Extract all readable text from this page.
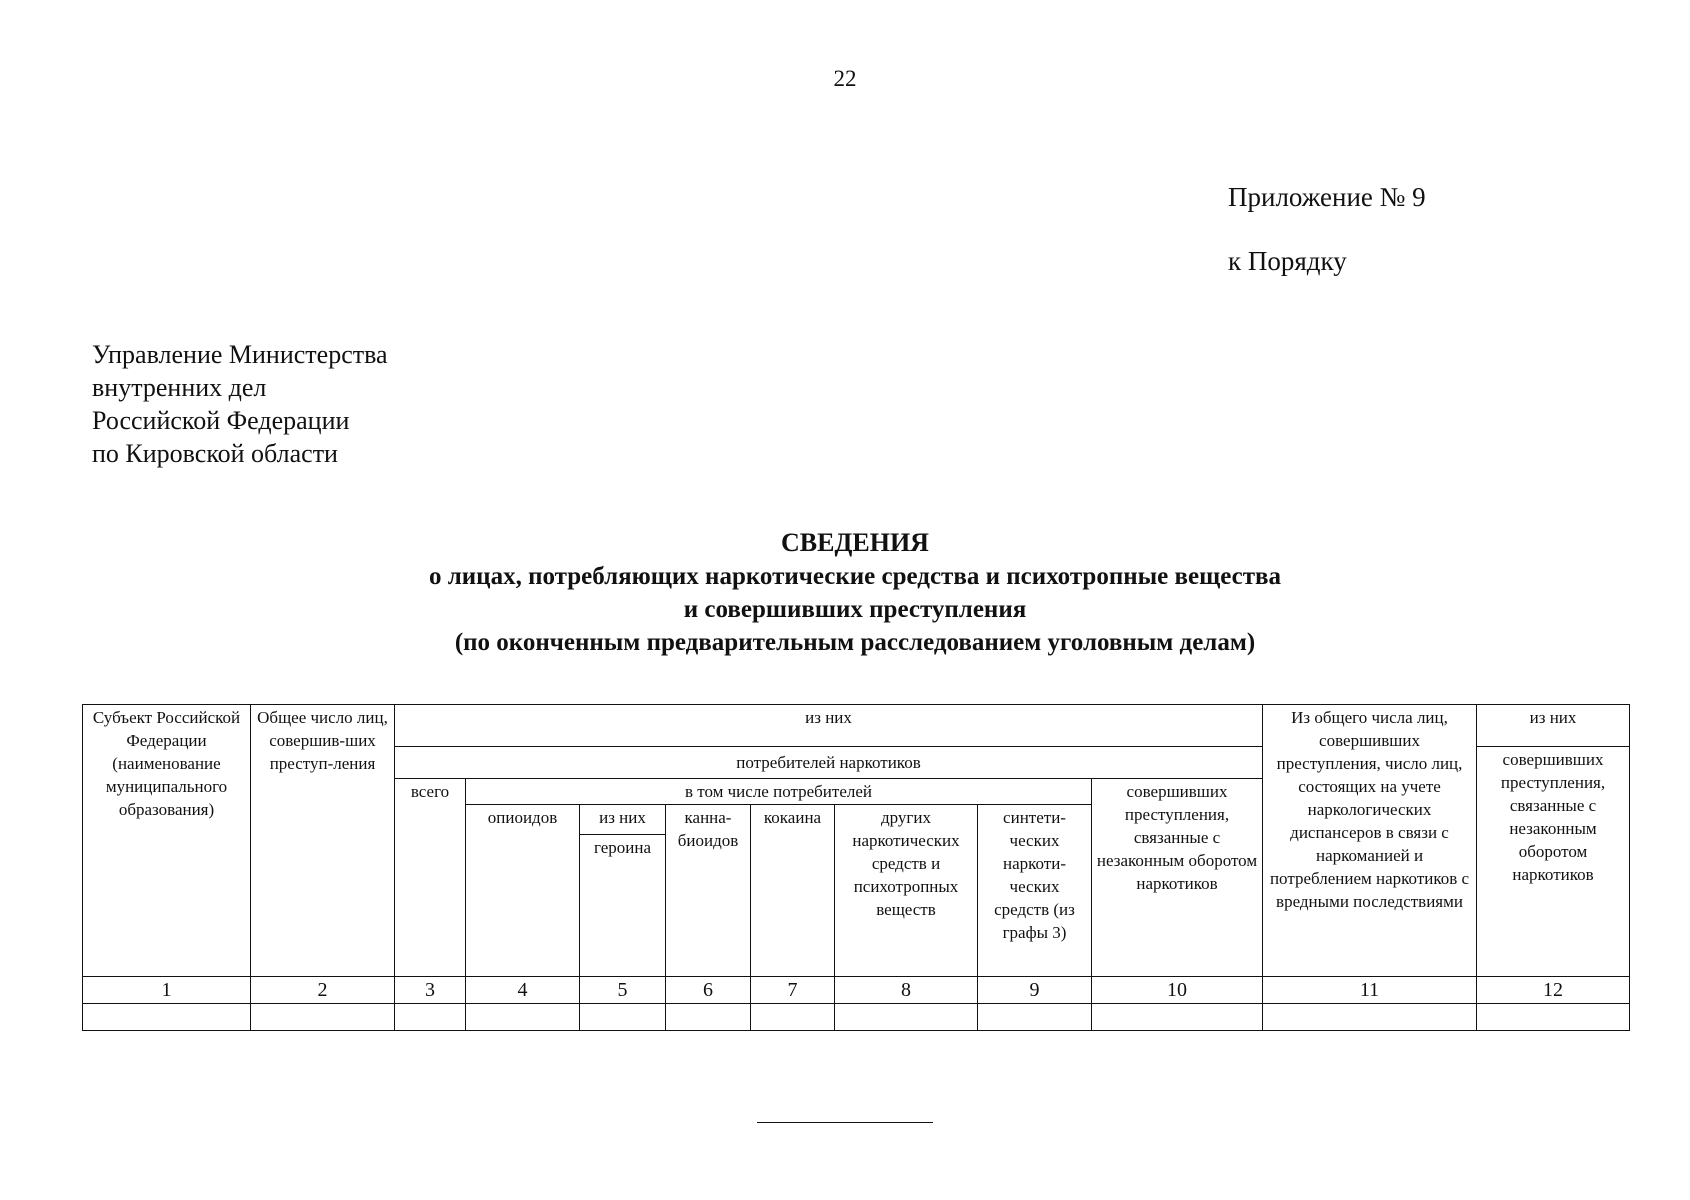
22
Приложение № 9
к Порядку
Управление Министерства
внутренних дел
Российской Федерации
по Кировской области
СВЕДЕНИЯ
о лицах, потребляющих наркотические средства и психотропные вещества
и совершивших преступления
(по оконченным предварительным расследованием уголовным делам)
Субъект Российской Федерации (наименование муниципального образования)	Общее число лиц, совершив-ших преступ-ления	из них								Из общего числа лиц, совершивших преступления, число лиц, состоящих на учете наркологических диспансеров в связи с наркоманией и потреблением наркотиков с вредными последствиями	из них
		потребителей наркотиков									совершивших преступления, связанные с незаконным оборотом наркотиков
		всего	в том числе потребителей						совершивших преступления, связанные с незаконным оборотом наркотиков		
			опиоидов	из них	канна-биоидов	кокаина	других наркотических средств и психотропных веществ	синтети-ческих наркоти-ческих средств (из графы 3)			
				героина							
1	2	3	4	5	6	7	8	9	10	11	12
